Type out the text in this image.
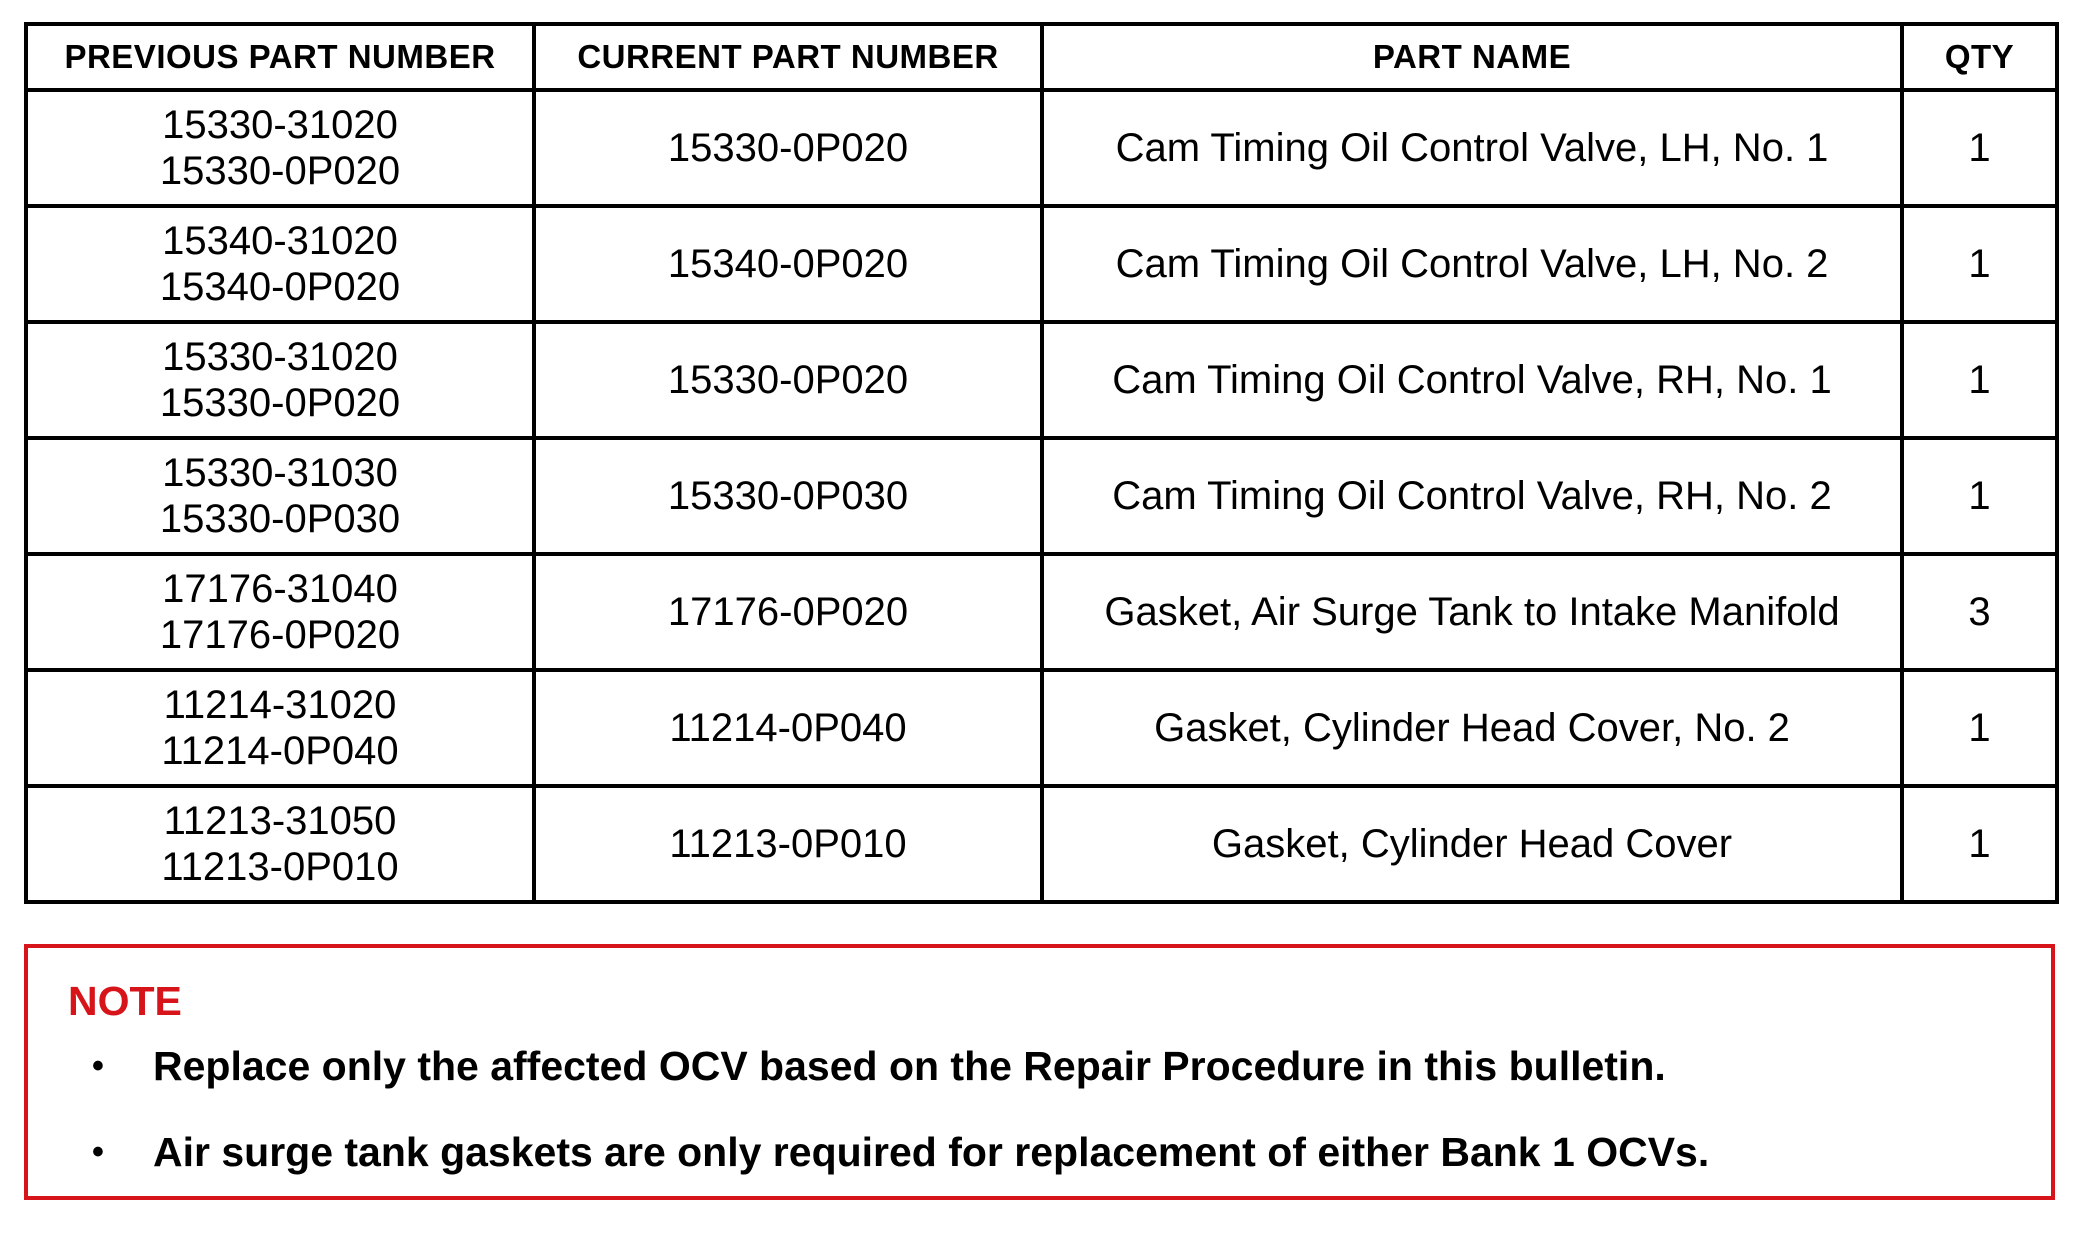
PREVIOUS PART NUMBER	CURRENT PART NUMBER	PART NAME	QTY

15330-31020
15330-0P020	15330-0P020	Cam Timing Oil Control Valve, LH, No. 1	1

15340-31020
15340-0P020	15340-0P020	Cam Timing Oil Control Valve, LH, No. 2	1

15330-31020
15330-0P020	15330-0P020	Cam Timing Oil Control Valve, RH, No. 1	1

15330-31030
15330-0P030	15330-0P030	Cam Timing Oil Control Valve, RH, No. 2	1

17176-31040
17176-0P020	17176-0P020	Gasket, Air Surge Tank to Intake Manifold	3

11214-31020
11214-0P040	11214-0P040	Gasket, Cylinder Head Cover, No. 2	1

11213-31050
11213-0P010	11213-0P010	Gasket, Cylinder Head Cover	1
NOTE
• Replace only the affected OCV based on the Repair Procedure in this bulletin.
• Air surge tank gaskets are only required for replacement of either Bank 1 OCVs.
